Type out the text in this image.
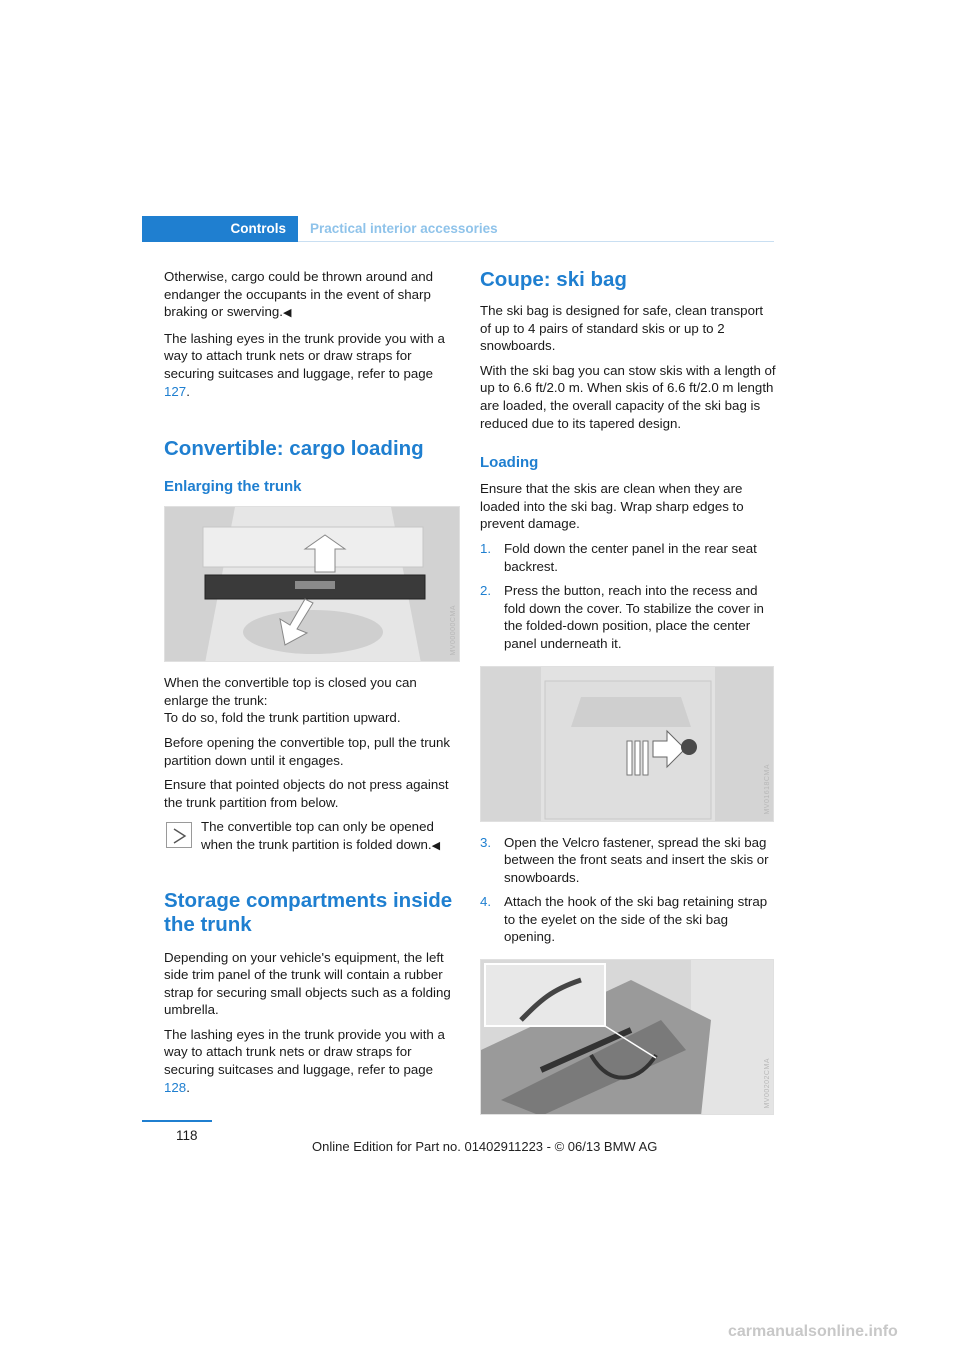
Controls	Practical interior accessories

Otherwise, cargo could be thrown around and endanger the occupants in the event of sharp braking or swerving.◀

The lashing eyes in the trunk provide you with a way to attach trunk nets or draw straps for securing suitcases and luggage, refer to page 127.

Convertible: cargo loading
Enlarging the trunk
MV00000CMA

When the convertible top is closed you can enlarge the trunk:

To do so, fold the trunk partition upward.

Before opening the convertible top, pull the trunk partition down until it engages.

Ensure that pointed objects do not press against the trunk partition from below.

The convertible top can only be opened when the trunk partition is folded down.◀

Storage compartments inside the trunk

Depending on your vehicle's equipment, the left side trim panel of the trunk will contain a rubber strap for securing small objects such as a folding umbrella.

The lashing eyes in the trunk provide you with a way to attach trunk nets or draw straps for securing suitcases and luggage, refer to page 128.

Coupe: ski bag

The ski bag is designed for safe, clean transport of up to 4 pairs of standard skis or up to 2 snowboards.

With the ski bag you can stow skis with a length of up to 6.6 ft/2.0 m. When skis of 6.6 ft/2.0 m length are loaded, the overall capacity of the ski bag is reduced due to its tapered design.

Loading

Ensure that the skis are clean when they are loaded into the ski bag. Wrap sharp edges to prevent damage.

1. Fold down the center panel in the rear seat backrest.
2. Press the button, reach into the recess and fold down the cover. To stabilize the cover in the folded-down position, place the center panel underneath it.
MV01618CMA
3. Open the Velcro fastener, spread the ski bag between the front seats and insert the skis or snowboards.
4. Attach the hook of the ski bag retaining strap to the eyelet on the side of the ski bag opening.
MV00202CMA
118
Online Edition for Part no. 01402911223 - © 06/13 BMW AG
carmanualsonline.info
